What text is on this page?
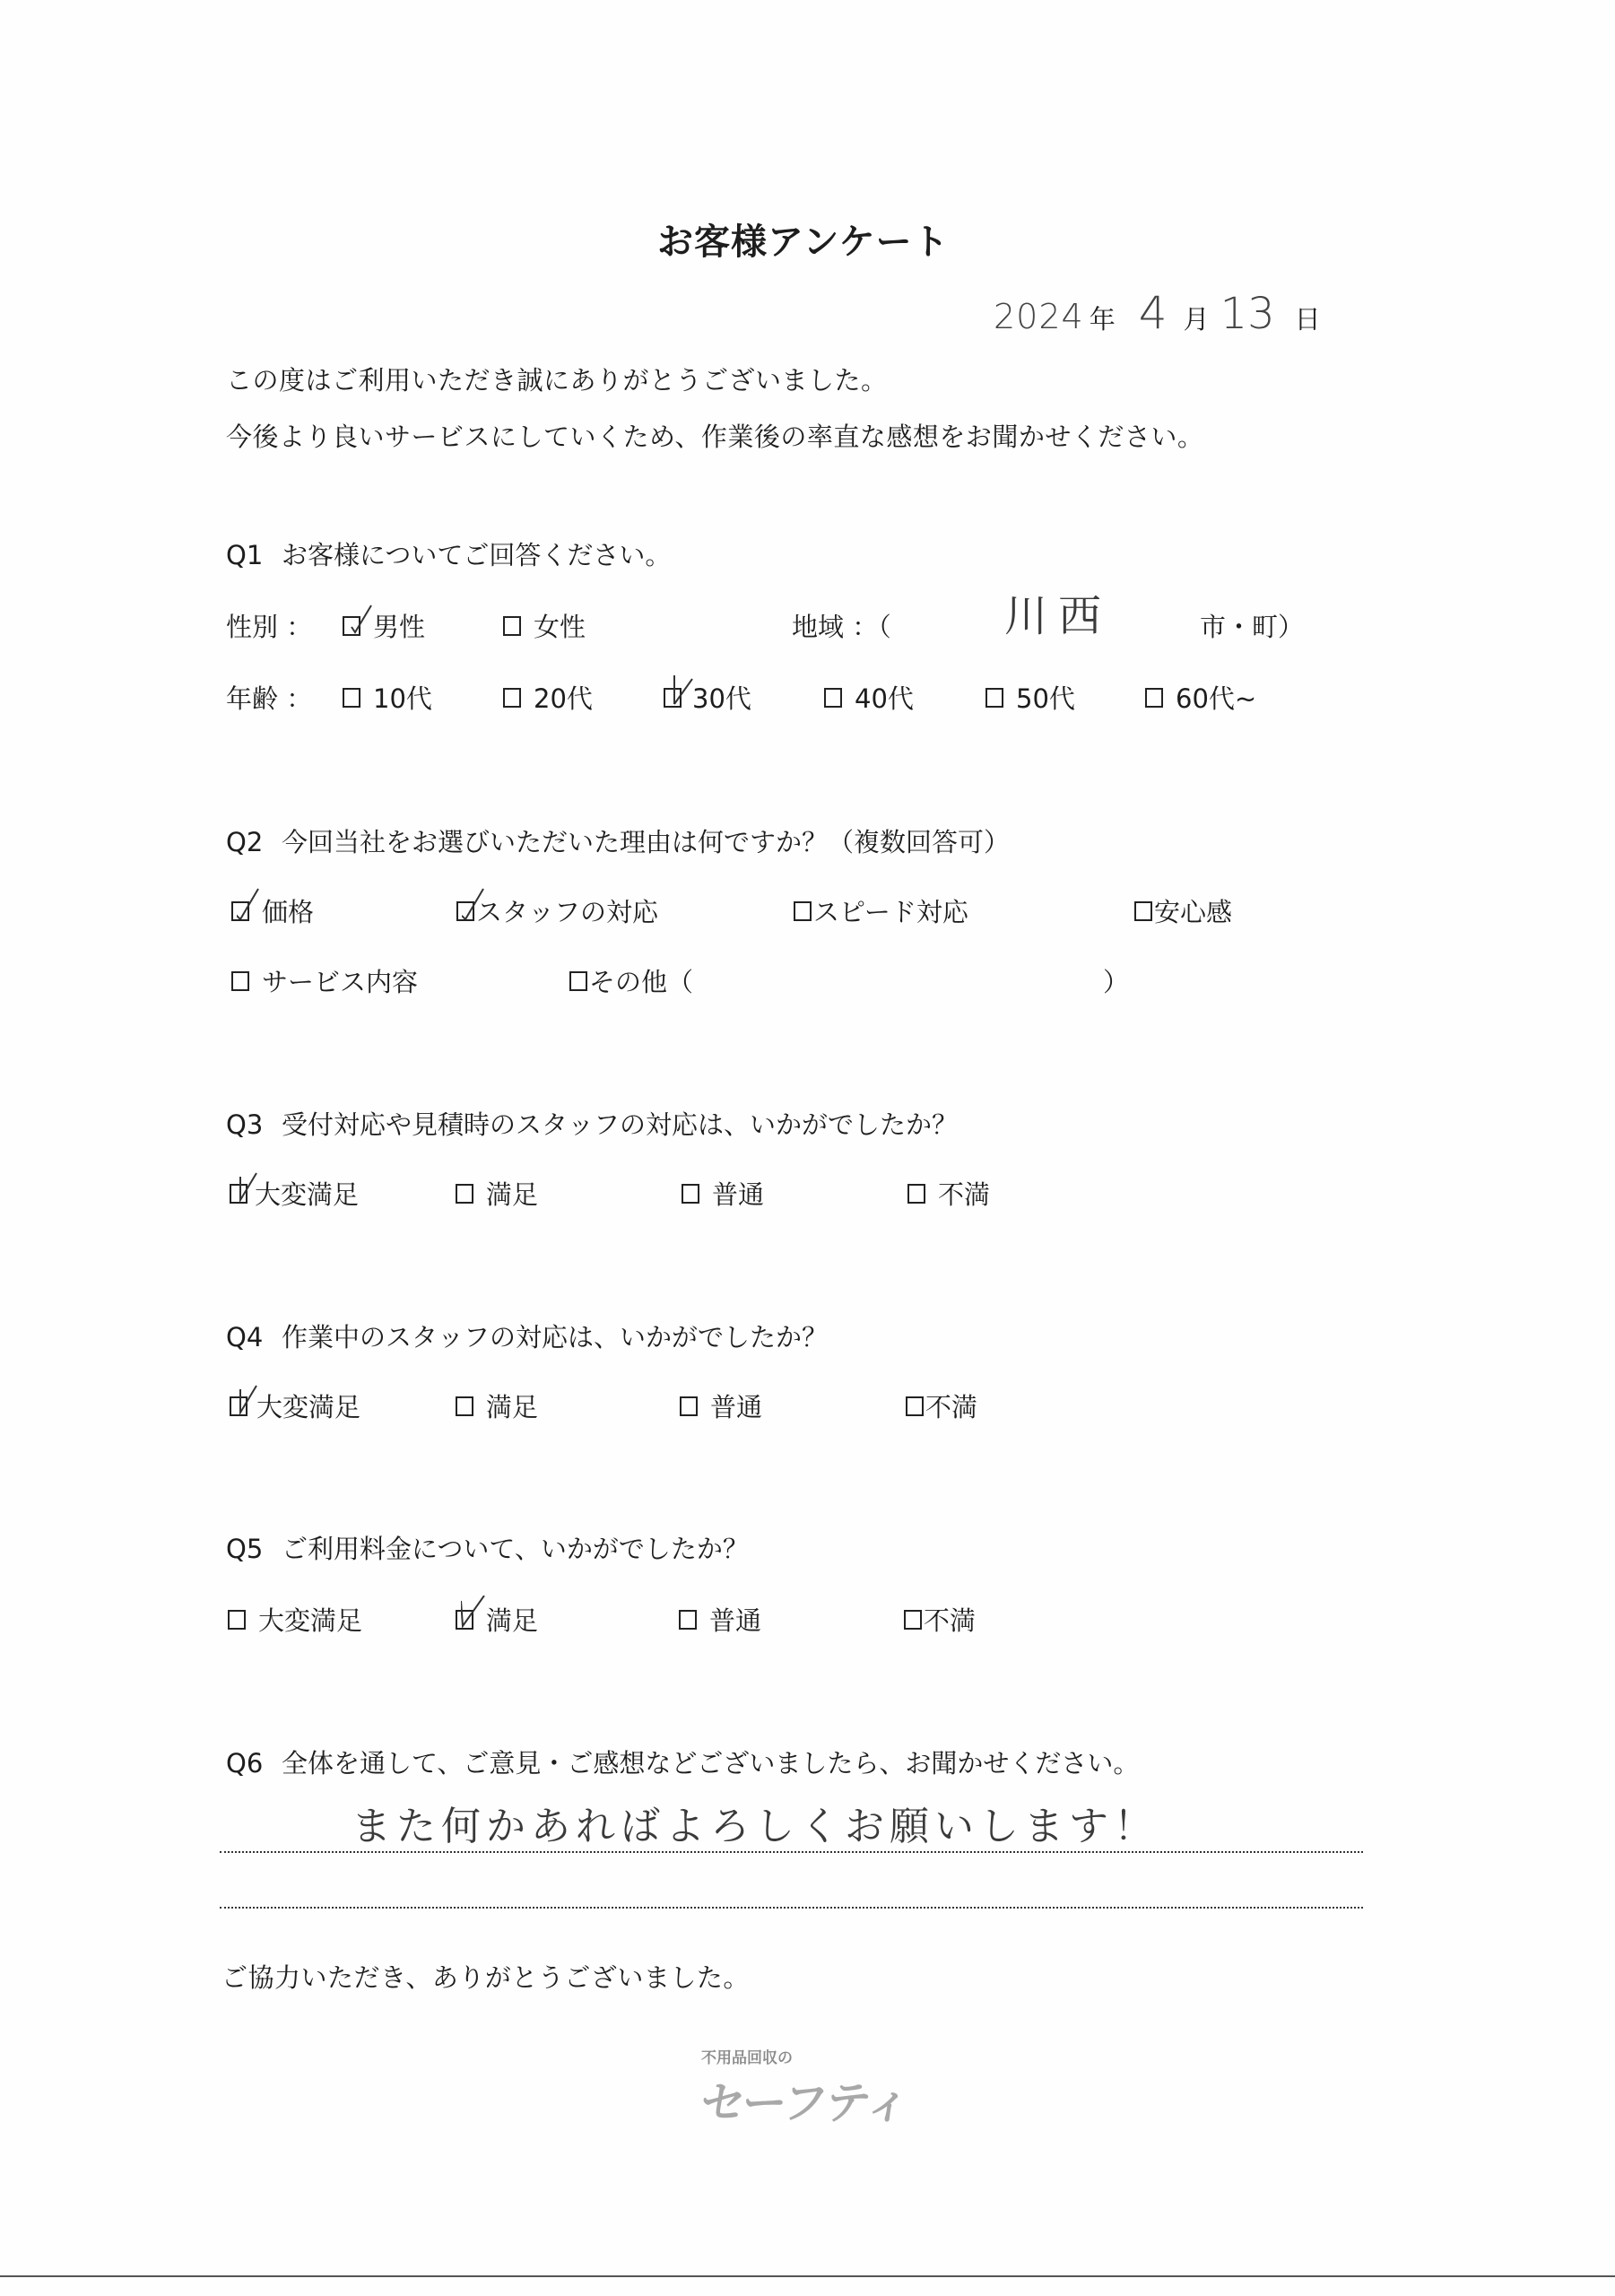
お客様アンケート
2024 年 4 月 13 日
この度はご利用いただき誠にありがとうございました。
今後より良いサービスにしていくため、作業後の率直な感想をお聞かせください。
Q1 お客様についてご回答ください。
性別 ： 男性	女性	地域 ：（	川西	市・町）
年齢 ： 10代	20代	30代	40代	50代	60代~
Q2 今回当社をお選びいただいた理由は何ですか？（複数回答可）
価格	スタッフの対応	スピード対応	安心感
サービス内容	その他（	）
Q3 受付対応や見積時のスタッフの対応は、いかがでしたか？
大変満足	満足	普通	不満
Q4 作業中のスタッフの対応は、いかがでしたか？
大変満足	満足	普通	不満
Q5 ご利用料金について、いかがでしたか？
大変満足	満足	普通	不満
Q6 全体を通して、ご意見・ご感想などございましたら、お聞かせください。
また何かあればよろしくお願いします！
ご協力いただき、ありがとうございました。
不用品回収の
セーフティ
